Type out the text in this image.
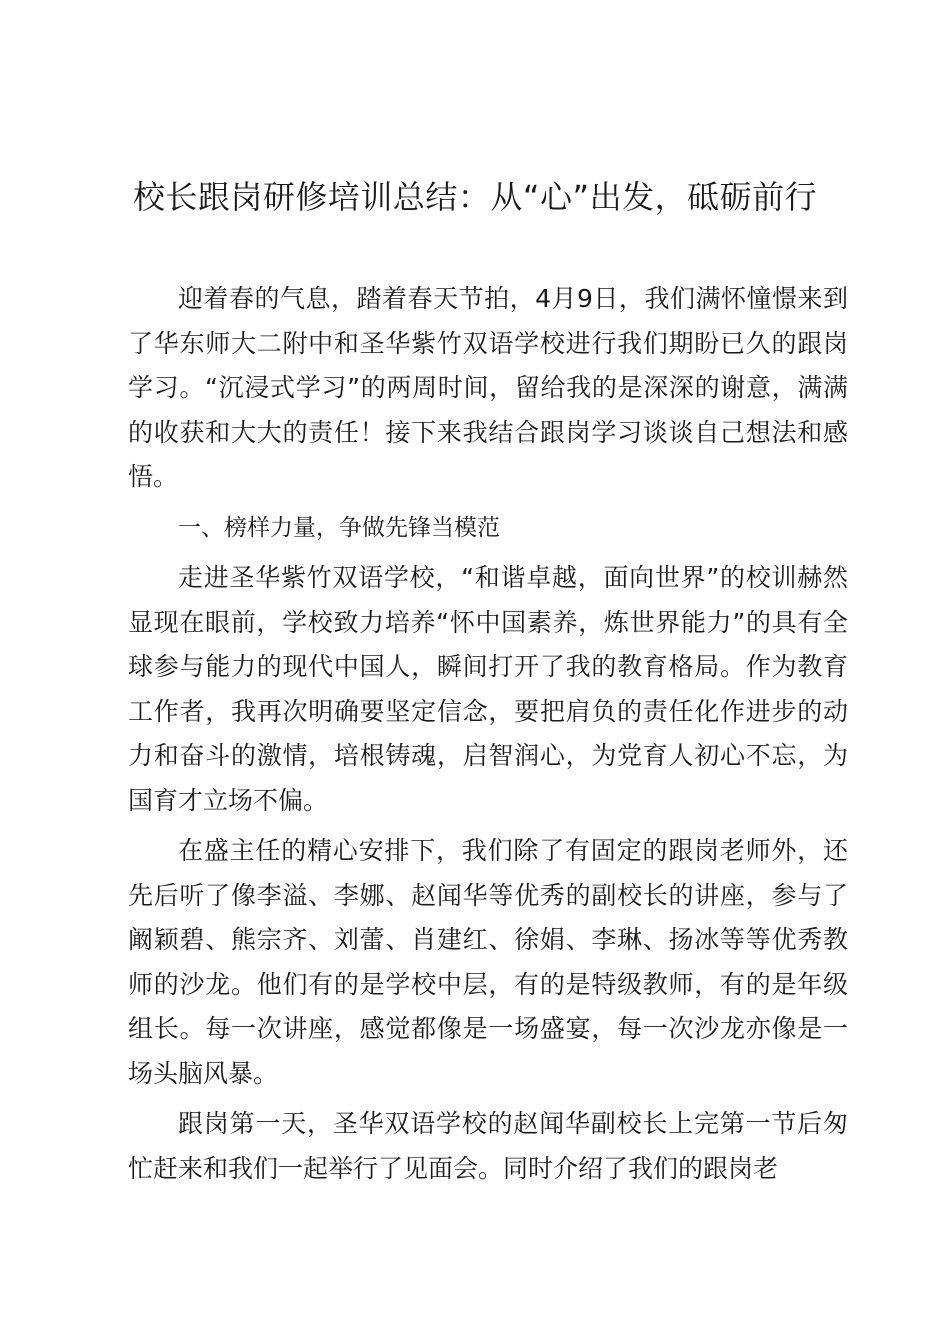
校长跟岗研修培训总结：从“心”出发，砥砺前行

迎着春的气息，踏着春天节拍，4月9日，我们满怀憧憬来到了华东师大二附中和圣华紫竹双语学校进行我们期盼已久的跟岗学习。“沉浸式学习”的两周时间，留给我的是深深的谢意，满满的收获和大大的责任！接下来我结合跟岗学习谈谈自己想法和感悟。

一、榜样力量，争做先锋当模范

走进圣华紫竹双语学校，“和谐卓越，面向世界”的校训赫然显现在眼前，学校致力培养“怀中国素养，炼世界能力”的具有全球参与能力的现代中国人，瞬间打开了我的教育格局。作为教育工作者，我再次明确要坚定信念，要把肩负的责任化作进步的动力和奋斗的激情，培根铸魂，启智润心，为党育人初心不忘，为国育才立场不偏。

在盛主任的精心安排下，我们除了有固定的跟岗老师外，还先后听了像李溢、李娜、赵闻华等优秀的副校长的讲座，参与了阚颖碧、熊宗齐、刘蕾、肖建红、徐娟、李琳、扬冰等等优秀教师的沙龙。他们有的是学校中层，有的是特级教师，有的是年级组长。每一次讲座，感觉都像是一场盛宴，每一次沙龙亦像是一场头脑风暴。

跟岗第一天，圣华双语学校的赵闻华副校长上完第一节后匆忙赶来和我们一起举行了见面会。同时介绍了我们的跟岗老
